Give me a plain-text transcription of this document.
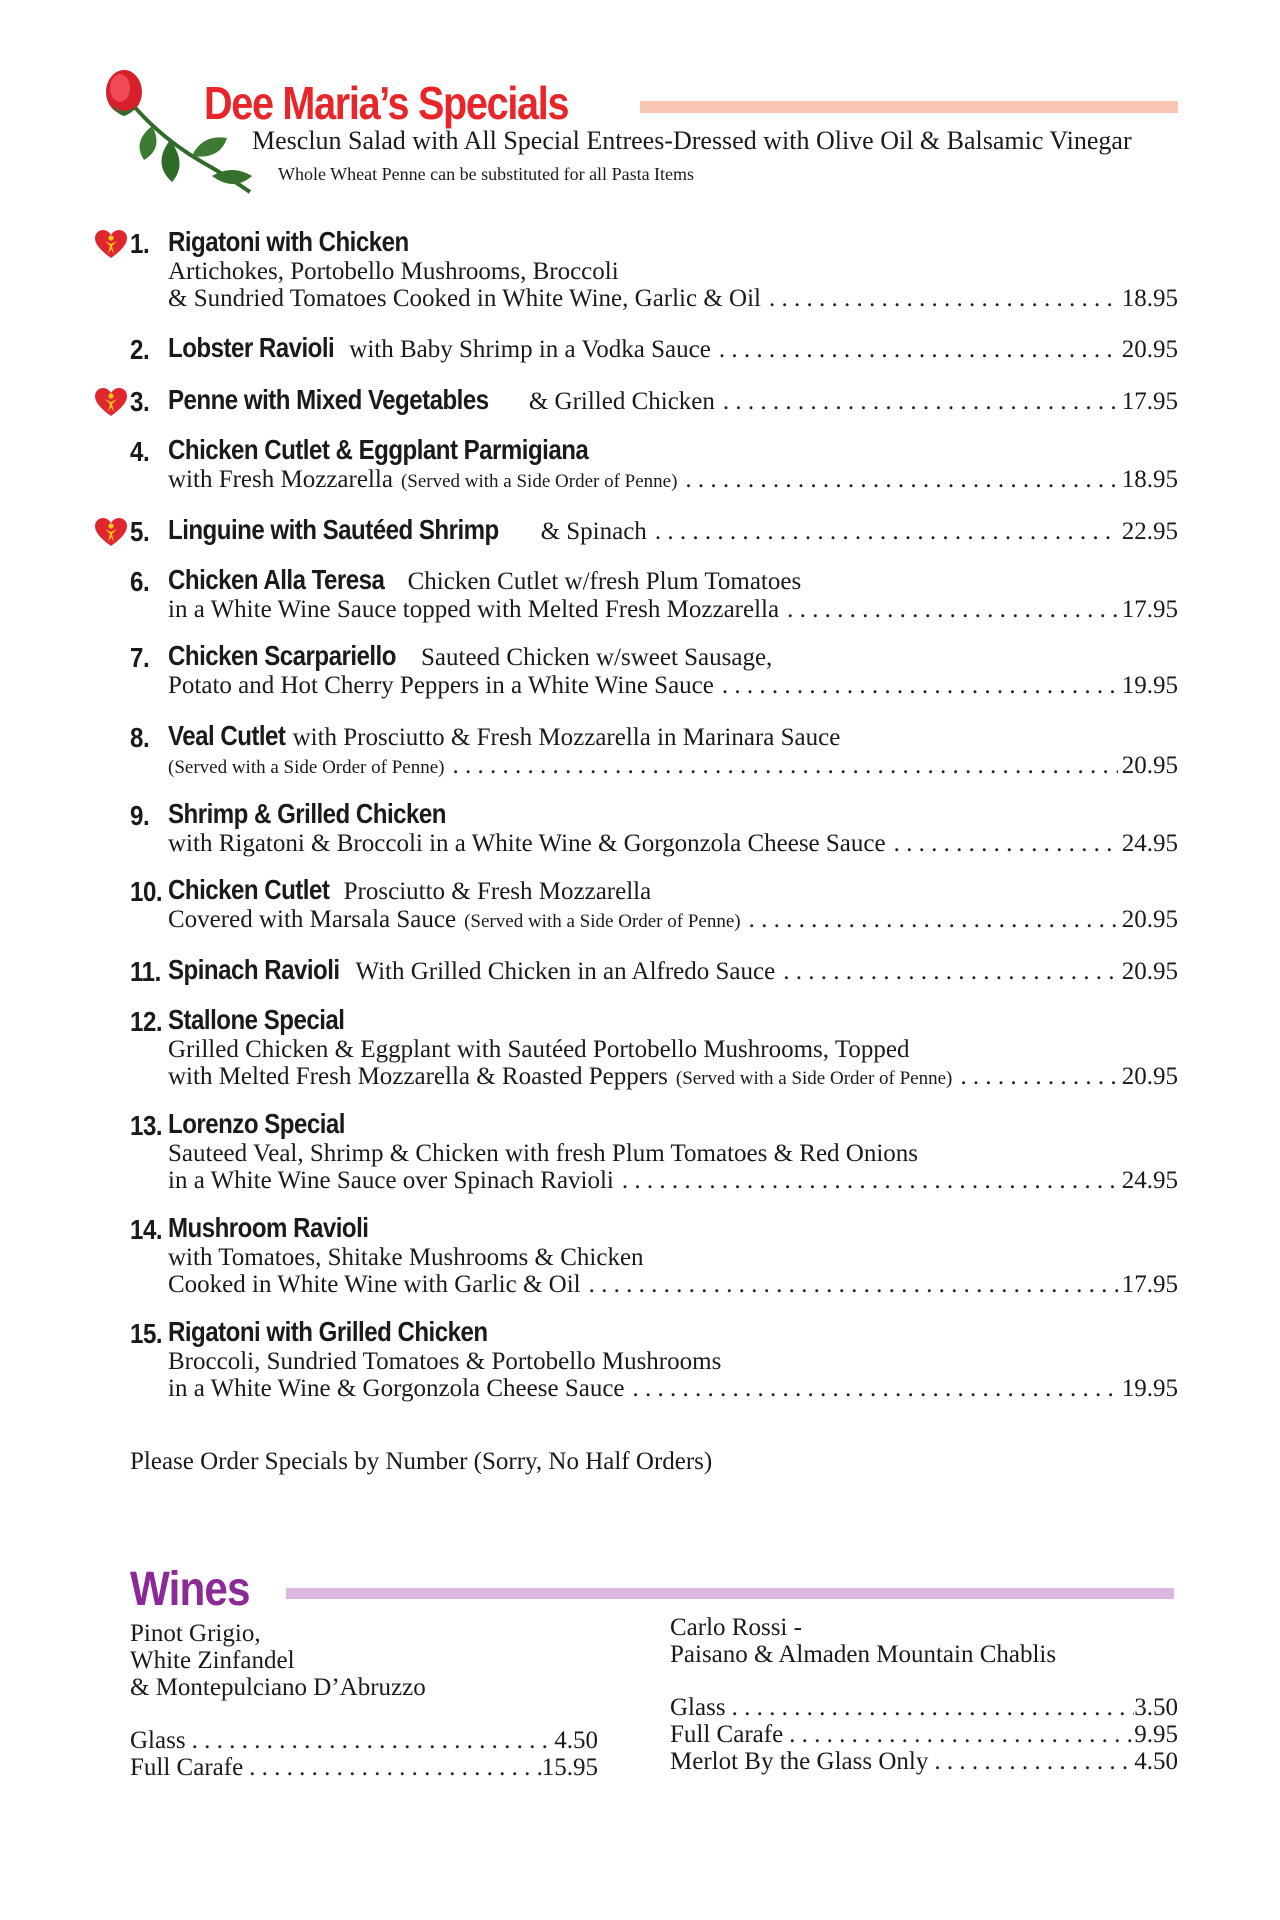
Dee Maria’s Specials
Mesclun Salad with All Special Entrees-Dressed with Olive Oil & Balsamic Vinegar
Whole Wheat Penne can be substituted for all Pasta Items
1. Rigatoni with Chicken
Artichokes, Portobello Mushrooms, Broccoli
& Sundried Tomatoes Cooked in White Wine, Garlic & Oil . . .	18.95
2. Lobster Ravioli with Baby Shrimp in a Vodka Sauce . . .	20.95
3. Penne with Mixed Vegetables & Grilled Chicken . . .	17.95
4. Chicken Cutlet & Eggplant Parmigiana
with Fresh Mozzarella (Served with a Side Order of Penne) . . .	18.95
5. Linguine with Sautéed Shrimp & Spinach . . .	22.95
6. Chicken Alla Teresa Chicken Cutlet w/fresh Plum Tomatoes
in a White Wine Sauce topped with Melted Fresh Mozzarella . . .	17.95
7. Chicken Scarpariello Sauteed Chicken w/sweet Sausage,
Potato and Hot Cherry Peppers in a White Wine Sauce . . .	19.95
8. Veal Cutlet with Prosciutto & Fresh Mozzarella in Marinara Sauce
(Served with a Side Order of Penne) . . .	20.95
9. Shrimp & Grilled Chicken
with Rigatoni & Broccoli in a White Wine & Gorgonzola Cheese Sauce . . .	24.95
10. Chicken Cutlet Prosciutto & Fresh Mozzarella
Covered with Marsala Sauce (Served with a Side Order of Penne) . . .	20.95
11. Spinach Ravioli With Grilled Chicken in an Alfredo Sauce . . .	20.95
12. Stallone Special
Grilled Chicken & Eggplant with Sautéed Portobello Mushrooms, Topped
with Melted Fresh Mozzarella & Roasted Peppers (Served with a Side Order of Penne) . . .	20.95
13. Lorenzo Special
Sauteed Veal, Shrimp & Chicken with fresh Plum Tomatoes & Red Onions
in a White Wine Sauce over Spinach Ravioli . . .	24.95
14. Mushroom Ravioli
with Tomatoes, Shitake Mushrooms & Chicken
Cooked in White Wine with Garlic & Oil . . .	17.95
15. Rigatoni with Grilled Chicken
Broccoli, Sundried Tomatoes & Portobello Mushrooms
in a White Wine & Gorgonzola Cheese Sauce . . .	19.95
Please Order Specials by Number (Sorry, No Half Orders)
Wines
Pinot Grigio,
White Zinfandel
& Montepulciano D’Abruzzo
Glass . . .	4.50
Full Carafe . . .	15.95
Carlo Rossi -
Paisano & Almaden Mountain Chablis
Glass . . .	3.50
Full Carafe . . .	9.95
Merlot By the Glass Only . . .	4.50
